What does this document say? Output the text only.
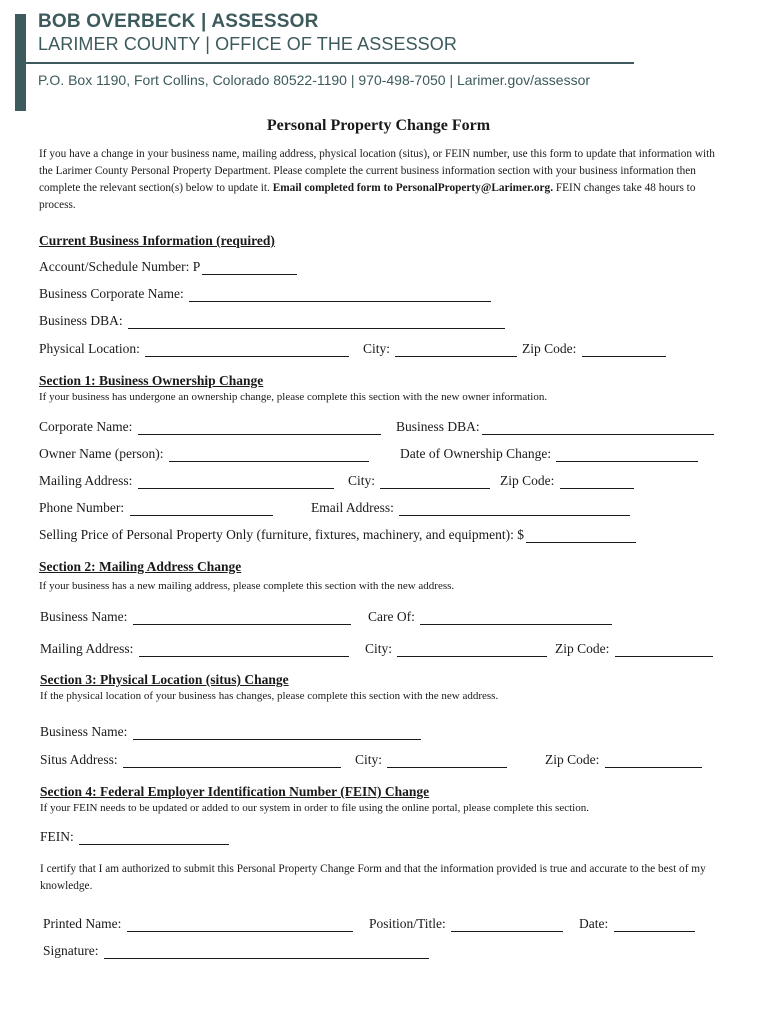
BOB OVERBECK | ASSESSOR
LARIMER COUNTY | OFFICE OF THE ASSESSOR
P.O. Box 1190, Fort Collins, Colorado 80522-1190 | 970-498-7050 | Larimer.gov/assessor
Personal Property Change Form
If you have a change in your business name, mailing address, physical location (situs), or FEIN number, use this form to update that information with the Larimer County Personal Property Department. Please complete the current business information section with your business information then complete the relevant section(s) below to update it. Email completed form to PersonalProperty@Larimer.org. FEIN changes take 48 hours to process.
Current Business Information (required)
Account/Schedule Number: P
Business Corporate Name:
Business DBA:
Physical Location:	City:	Zip Code:
Section 1: Business Ownership Change
If your business has undergone an ownership change, please complete this section with the new owner information.
Corporate Name:	Business DBA:
Owner Name (person):	Date of Ownership Change:
Mailing Address:	City:	Zip Code:
Phone Number:	Email Address:
Selling Price of Personal Property Only (furniture, fixtures, machinery, and equipment): $
Section 2: Mailing Address Change
If your business has a new mailing address, please complete this section with the new address.
Business Name:	Care Of:
Mailing Address:	City:	Zip Code:
Section 3: Physical Location (situs) Change
If the physical location of your business has changes, please complete this section with the new address.
Business Name:
Situs Address:	City:	Zip Code:
Section 4: Federal Employer Identification Number (FEIN) Change
If your FEIN needs to be updated or added to our system in order to file using the online portal, please complete this section.
FEIN:
I certify that I am authorized to submit this Personal Property Change Form and that the information provided is true and accurate to the best of my knowledge.
Printed Name:	Position/Title:	Date:
Signature:
